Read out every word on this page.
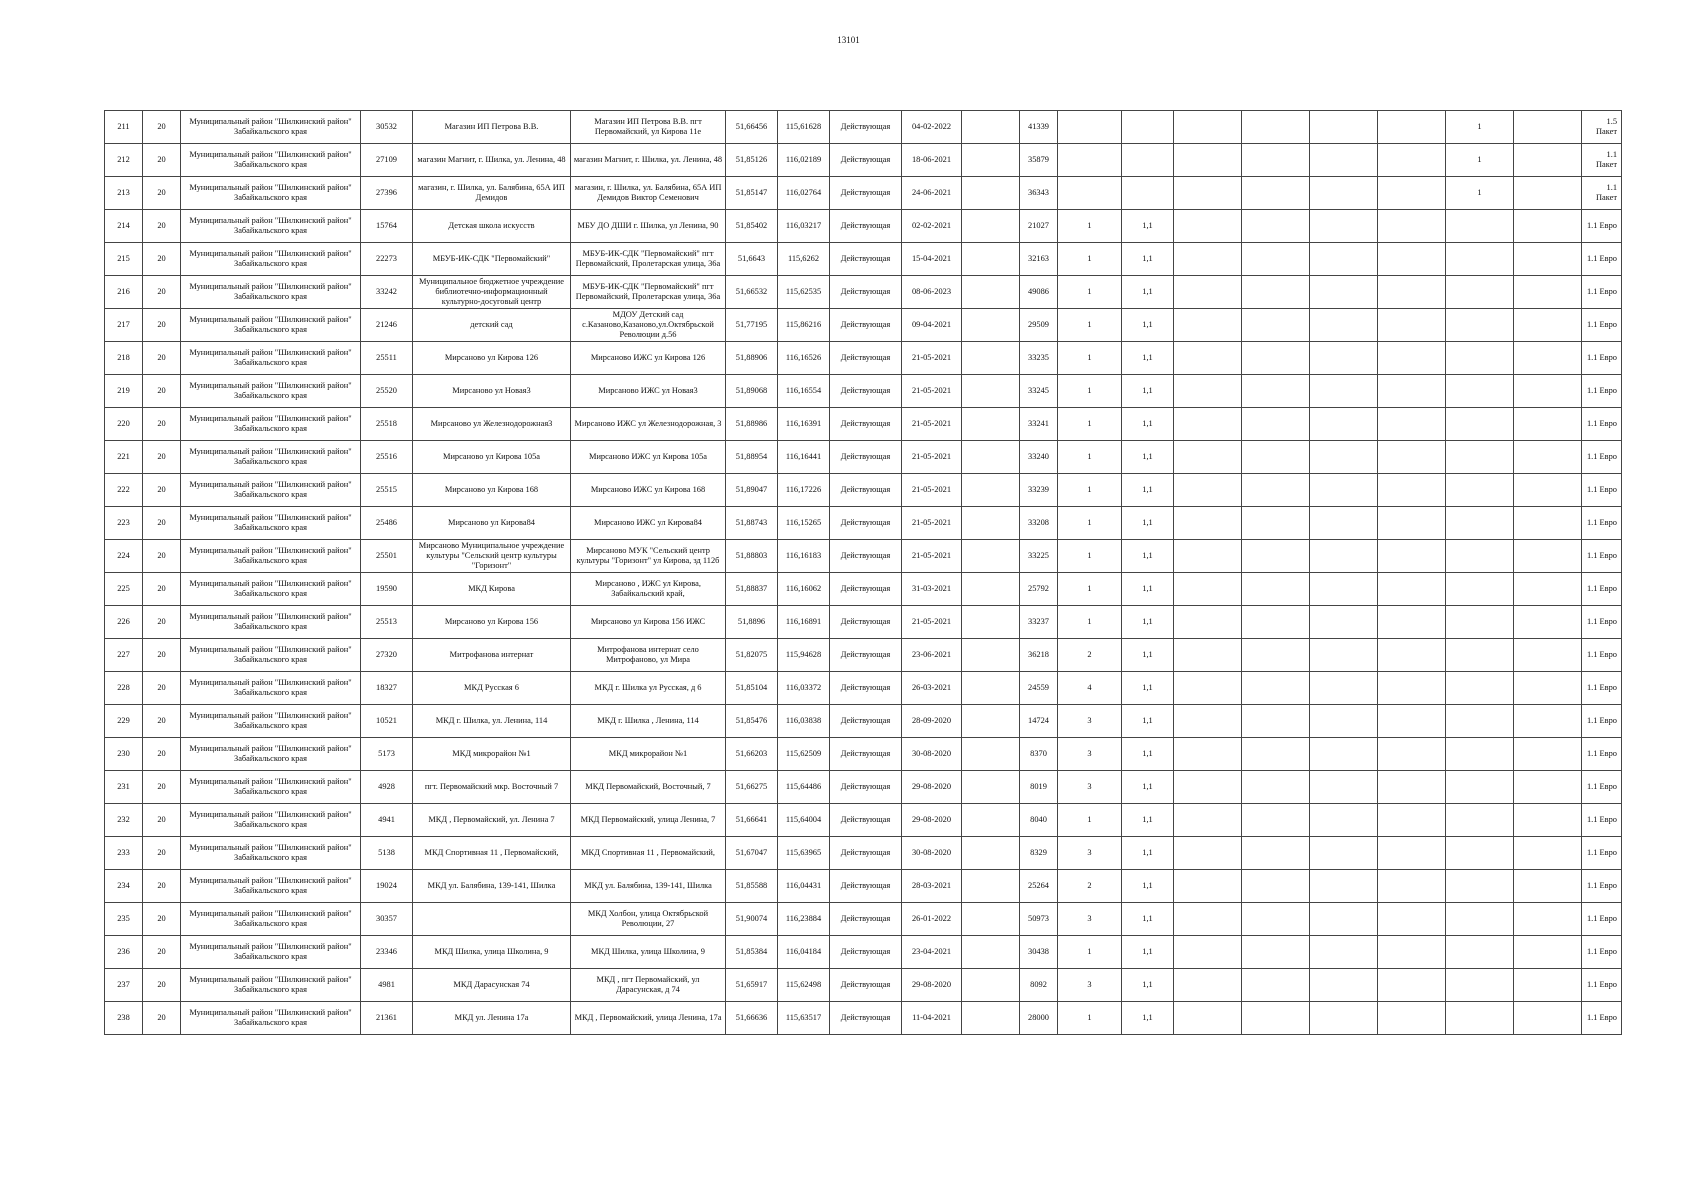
13101
211	20	Муниципальный район "Шилкинский район" Забайкальского края	30532	Магазин ИП Петрова В.В.	Магазин ИП Петрова В.В. пгт Первомайский, ул Кирова 11е	51,66456	115,61628	Действующая	04-02-2022		41339							1		1.5 Пакет

212	20	Муниципальный район "Шилкинский район" Забайкальского края	27109	магазин Магнит, г. Шилка, ул. Ленина, 48	магазин Магнит, г. Шилка, ул. Ленина, 48	51,85126	116,02189	Действующая	18-06-2021		35879							1		1.1 Пакет

213	20	Муниципальный район "Шилкинский район" Забайкальского края	27396	магазин, г. Шилка, ул. Балябина, 65А ИП Демидов	магазин, г. Шилка, ул. Балябина, 65А ИП Демидов Виктор Семенович	51,85147	116,02764	Действующая	24-06-2021		36343							1		1.1 Пакет

214	20	Муниципальный район "Шилкинский район" Забайкальского края	15764	Детская школа искусств	МБУ ДО ДШИ г. Шилка, ул Ленина, 90	51,85402	116,03217	Действующая	02-02-2021		21027	1	1,1							1.1 Евро

215	20	Муниципальный район "Шилкинский район" Забайкальского края	22273	МБУБ-ИК-СДК "Первомайский"	МБУБ-ИК-СДК "Первомайский" пгт Первомайский, Пролетарская улица, 36а	51,6643	115,6262	Действующая	15-04-2021		32163	1	1,1							1.1 Евро

216	20	Муниципальный район "Шилкинский район" Забайкальского края	33242	Муниципальное бюджетное учреждение библиотечно-информационный культурно-досуговый центр	МБУБ-ИК-СДК "Первомайский" пгт Первомайский, Пролетарская улица, 36а	51,66532	115,62535	Действующая	08-06-2023		49086	1	1,1							1.1 Евро

217	20	Муниципальный район "Шилкинский район" Забайкальского края	21246	детский сад	МДОУ Детский сад с.Казаново,Казаново,ул.Октябрьской Революции д.56	51,77195	115,86216	Действующая	09-04-2021		29509	1	1,1							1.1 Евро

218	20	Муниципальный район "Шилкинский район" Забайкальского края	25511	Мирсаново ул Кирова 126	Мирсаново ИЖС ул Кирова 126	51,88906	116,16526	Действующая	21-05-2021		33235	1	1,1							1.1 Евро

219	20	Муниципальный район "Шилкинский район" Забайкальского края	25520	Мирсаново ул Новая3	Мирсаново ИЖС ул Новая3	51,89068	116,16554	Действующая	21-05-2021		33245	1	1,1							1.1 Евро

220	20	Муниципальный район "Шилкинский район" Забайкальского края	25518	Мирсаново ул Железнодорожная3	Мирсаново ИЖС ул Железнодорожная, 3	51,88986	116,16391	Действующая	21-05-2021		33241	1	1,1							1.1 Евро

221	20	Муниципальный район "Шилкинский район" Забайкальского края	25516	Мирсаново ул Кирова 105а	Мирсаново ИЖС ул Кирова 105а	51,88954	116,16441	Действующая	21-05-2021		33240	1	1,1							1.1 Евро

222	20	Муниципальный район "Шилкинский район" Забайкальского края	25515	Мирсаново ул Кирова 168	Мирсаново ИЖС ул Кирова 168	51,89047	116,17226	Действующая	21-05-2021		33239	1	1,1							1.1 Евро

223	20	Муниципальный район "Шилкинский район" Забайкальского края	25486	Мирсаново ул Кирова84	Мирсаново ИЖС ул Кирова84	51,88743	116,15265	Действующая	21-05-2021		33208	1	1,1							1.1 Евро

224	20	Муниципальный район "Шилкинский район" Забайкальского края	25501	Мирсаново Муниципальное учреждение культуры "Сельский центр культуры "Горизонт"	Мирсаново МУК "Сельский центр культуры "Горизонт" ул Кирова, зд 112б	51,88803	116,16183	Действующая	21-05-2021		33225	1	1,1							1.1 Евро

225	20	Муниципальный район "Шилкинский район" Забайкальского края	19590	МКД Кирова	Мирсаново , ИЖС ул Кирова, Забайкальский край,	51,88837	116,16062	Действующая	31-03-2021		25792	1	1,1							1.1 Евро

226	20	Муниципальный район "Шилкинский район" Забайкальского края	25513	Мирсаново ул Кирова 156	Мирсаново ул Кирова 156 ИЖС	51,8896	116,16891	Действующая	21-05-2021		33237	1	1,1							1.1 Евро

227	20	Муниципальный район "Шилкинский район" Забайкальского края	27320	Митрофанова интернат	Митрофанова интернат село Митрофаново, ул Мира	51,82075	115,94628	Действующая	23-06-2021		36218	2	1,1							1.1 Евро

228	20	Муниципальный район "Шилкинский район" Забайкальского края	18327	МКД Русская 6	МКД г. Шилка ул Русская, д 6	51,85104	116,03372	Действующая	26-03-2021		24559	4	1,1							1.1 Евро

229	20	Муниципальный район "Шилкинский район" Забайкальского края	10521	МКД г. Шилка, ул. Ленина, 114	МКД г. Шилка , Ленина, 114	51,85476	116,03838	Действующая	28-09-2020		14724	3	1,1							1.1 Евро

230	20	Муниципальный район "Шилкинский район" Забайкальского края	5173	МКД микрорайон №1	МКД микрорайон №1	51,66203	115,62509	Действующая	30-08-2020		8370	3	1,1							1.1 Евро

231	20	Муниципальный район "Шилкинский район" Забайкальского края	4928	пгт. Первомайский мкр. Восточный 7	МКД Первомайский, Восточный, 7	51,66275	115,64486	Действующая	29-08-2020		8019	3	1,1							1.1 Евро

232	20	Муниципальный район "Шилкинский район" Забайкальского края	4941	МКД , Первомайский, ул. Ленина 7	МКД Первомайский, улица Ленина, 7	51,66641	115,64004	Действующая	29-08-2020		8040	1	1,1							1.1 Евро

233	20	Муниципальный район "Шилкинский район" Забайкальского края	5138	МКД Спортивная 11 , Первомайский,	МКД Спортивная 11 , Первомайский,	51,67047	115,63965	Действующая	30-08-2020		8329	3	1,1							1.1 Евро

234	20	Муниципальный район "Шилкинский район" Забайкальского края	19024	МКД ул. Балябина, 139-141, Шилка	МКД ул. Балябина, 139-141, Шилка	51,85588	116,04431	Действующая	28-03-2021		25264	2	1,1							1.1 Евро

235	20	Муниципальный район "Шилкинский район" Забайкальского края	30357		МКД Холбон, улица Октябрьской Революции, 27	51,90074	116,23884	Действующая	26-01-2022		50973	3	1,1							1.1 Евро

236	20	Муниципальный район "Шилкинский район" Забайкальского края	23346	МКД Шилка, улица Школина, 9	МКД Шилка, улица Школина, 9	51,85384	116,04184	Действующая	23-04-2021		30438	1	1,1							1.1 Евро

237	20	Муниципальный район "Шилкинский район" Забайкальского края	4981	МКД Дарасунская 74	МКД , пгт Первомайский, ул Дарасунская, д 74	51,65917	115,62498	Действующая	29-08-2020		8092	3	1,1							1.1 Евро

238	20	Муниципальный район "Шилкинский район" Забайкальского края	21361	МКД ул. Ленина 17а	МКД , Первомайский, улица Ленина, 17а	51,66636	115,63517	Действующая	11-04-2021		28000	1	1,1							1.1 Евро
